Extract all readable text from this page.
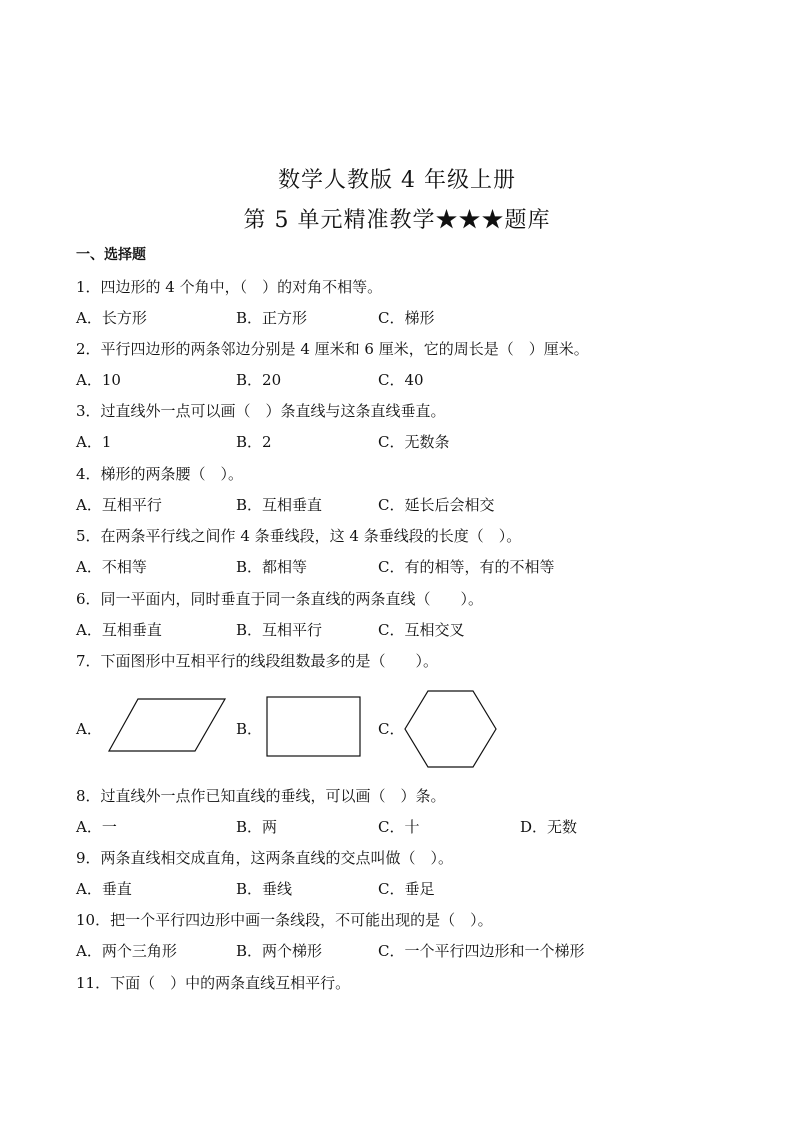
数学人教版 4 年级上册
第 5 单元精准教学★★★题库
一、选择题
1．四边形的 4 个角中，（　）的对角不相等。
A．长方形	B．正方形	C．梯形
2．平行四边形的两条邻边分别是 4 厘米和 6 厘米，它的周长是（　）厘米。
A．10	B．20	C．40
3．过直线外一点可以画（　）条直线与这条直线垂直。
A．1	B．2	C．无数条
4．梯形的两条腰（　）。
A．互相平行	B．互相垂直	C．延长后会相交
5．在两条平行线之间作 4 条垂线段，这 4 条垂线段的长度（　）。
A．不相等	B．都相等	C．有的相等，有的不相等
6．同一平面内，同时垂直于同一条直线的两条直线（　　）。
A．互相垂直	B．互相平行	C．互相交叉
7．下面图形中互相平行的线段组数最多的是（　　）。
A．	B．	C．
8．过直线外一点作已知直线的垂线，可以画（　）条。
A．一	B．两	C．十	D．无数
9．两条直线相交成直角，这两条直线的交点叫做（　）。
A．垂直	B．垂线	C．垂足
10．把一个平行四边形中画一条线段，不可能出现的是（　）。
A．两个三角形	B．两个梯形	C．一个平行四边形和一个梯形
11．下面（　）中的两条直线互相平行。
